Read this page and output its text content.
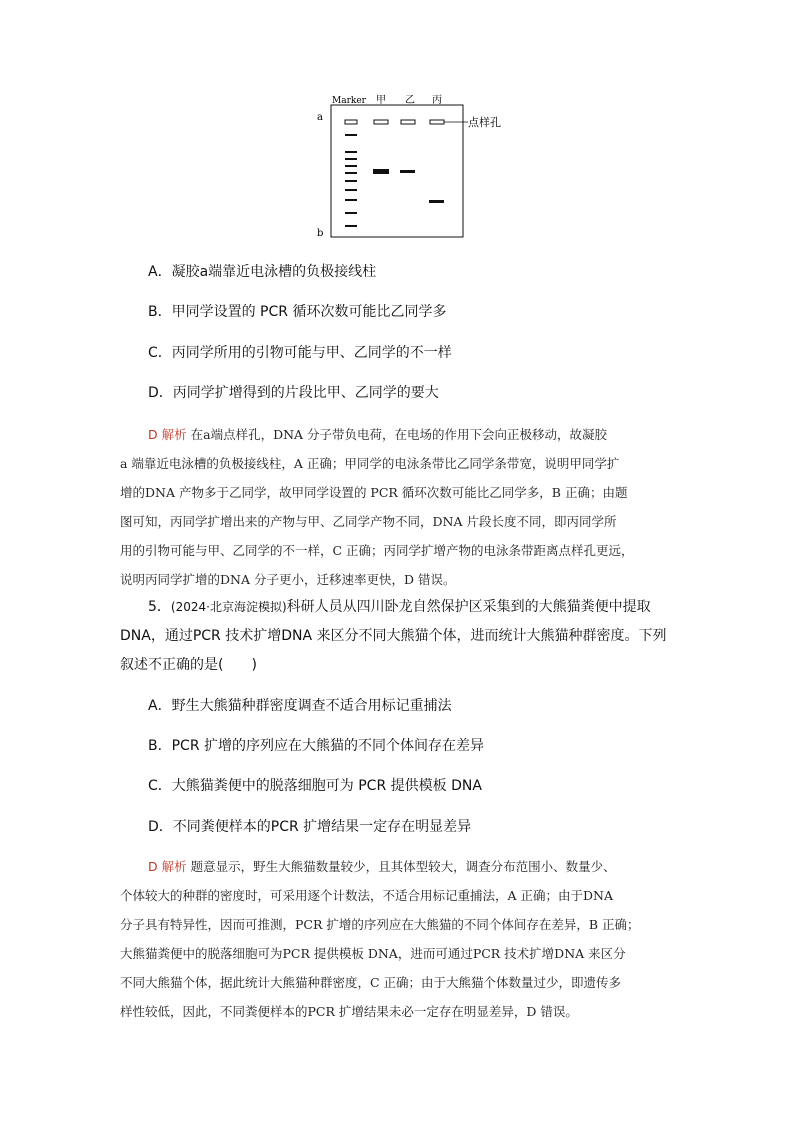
Marker 甲 乙 丙
a
b
点样孔
A．凝胶a端靠近电泳槽的负极接线柱
B．甲同学设置的 PCR 循环次数可能比乙同学多
C．丙同学所用的引物可能与甲、乙同学的不一样
D．丙同学扩增得到的片段比甲、乙同学的要大
D 解析 在a端点样孔，DNA 分子带负电荷，在电场的作用下会向正极移动，故凝胶
a 端靠近电泳槽的负极接线柱，A 正确；甲同学的电泳条带比乙同学条带宽，说明甲同学扩
增的DNA 产物多于乙同学，故甲同学设置的 PCR 循环次数可能比乙同学多，B 正确；由题
图可知，丙同学扩增出来的产物与甲、乙同学产物不同，DNA 片段长度不同，即丙同学所
用的引物可能与甲、乙同学的不一样，C 正确；丙同学扩增产物的电泳条带距离点样孔更远，
说明丙同学扩增的DNA 分子更小，迁移速率更快，D 错误。
5．(2024·北京海淀模拟)科研人员从四川卧龙自然保护区采集到的大熊猫粪便中提取
DNA，通过PCR 技术扩增DNA 来区分不同大熊猫个体，进而统计大熊猫种群密度。下列
叙述不正确的是(　　)
A．野生大熊猫种群密度调查不适合用标记重捕法
B．PCR 扩增的序列应在大熊猫的不同个体间存在差异
C．大熊猫粪便中的脱落细胞可为 PCR 提供模板 DNA
D．不同粪便样本的PCR 扩增结果一定存在明显差异
D 解析 题意显示，野生大熊猫数量较少，且其体型较大，调查分布范围小、数量少、
个体较大的种群的密度时，可采用逐个计数法，不适合用标记重捕法，A 正确；由于DNA
分子具有特异性，因而可推测，PCR 扩增的序列应在大熊猫的不同个体间存在差异，B 正确；
大熊猫粪便中的脱落细胞可为PCR 提供模板 DNA，进而可通过PCR 技术扩增DNA 来区分
不同大熊猫个体，据此统计大熊猫种群密度，C 正确；由于大熊猫个体数量过少，即遗传多
样性较低，因此，不同粪便样本的PCR 扩增结果未必一定存在明显差异，D 错误。
